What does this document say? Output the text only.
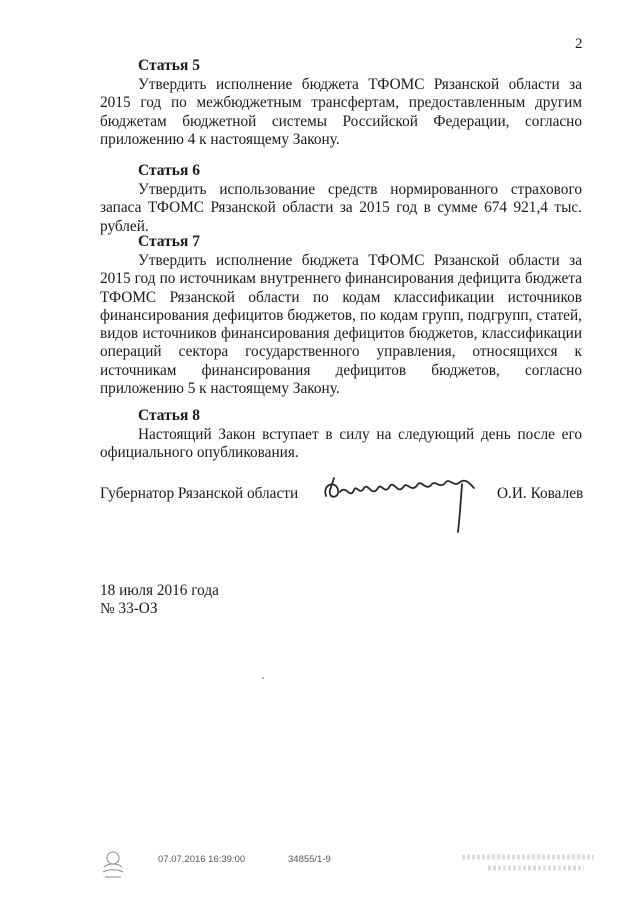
2

Статья 5

Утвердить исполнение бюджета ТФОМС Рязанской области за 2015 год по межбюджетным трансфертам, предоставленным другим бюджетам бюджетной системы Российской Федерации, согласно приложению 4 к настоящему Закону.

Статья 6

Утвердить использование средств нормированного страхового запаса ТФОМС Рязанской области за 2015 год в сумме 674 921,4 тыс. рублей.

Статья 7

Утвердить исполнение бюджета ТФОМС Рязанской области за 2015 год по источникам внутреннего финансирования дефицита бюджета ТФОМС Рязанской области по кодам классификации источников финансирования дефицитов бюджетов, по кодам групп, подгрупп, статей, видов источников финансирования дефицитов бюджетов, классификации операций сектора государственного управления, относящихся к источникам финансирования дефицитов бюджетов, согласно приложению 5 к настоящему Закону.

Статья 8

Настоящий Закон вступает в силу на следующий день после его официального опубликования.

Губернатор Рязанской области	О.И. Ковалев
18 июля 2016 года
№ 33-ОЗ
07.07.2016 16:39:00	34855/1-9
